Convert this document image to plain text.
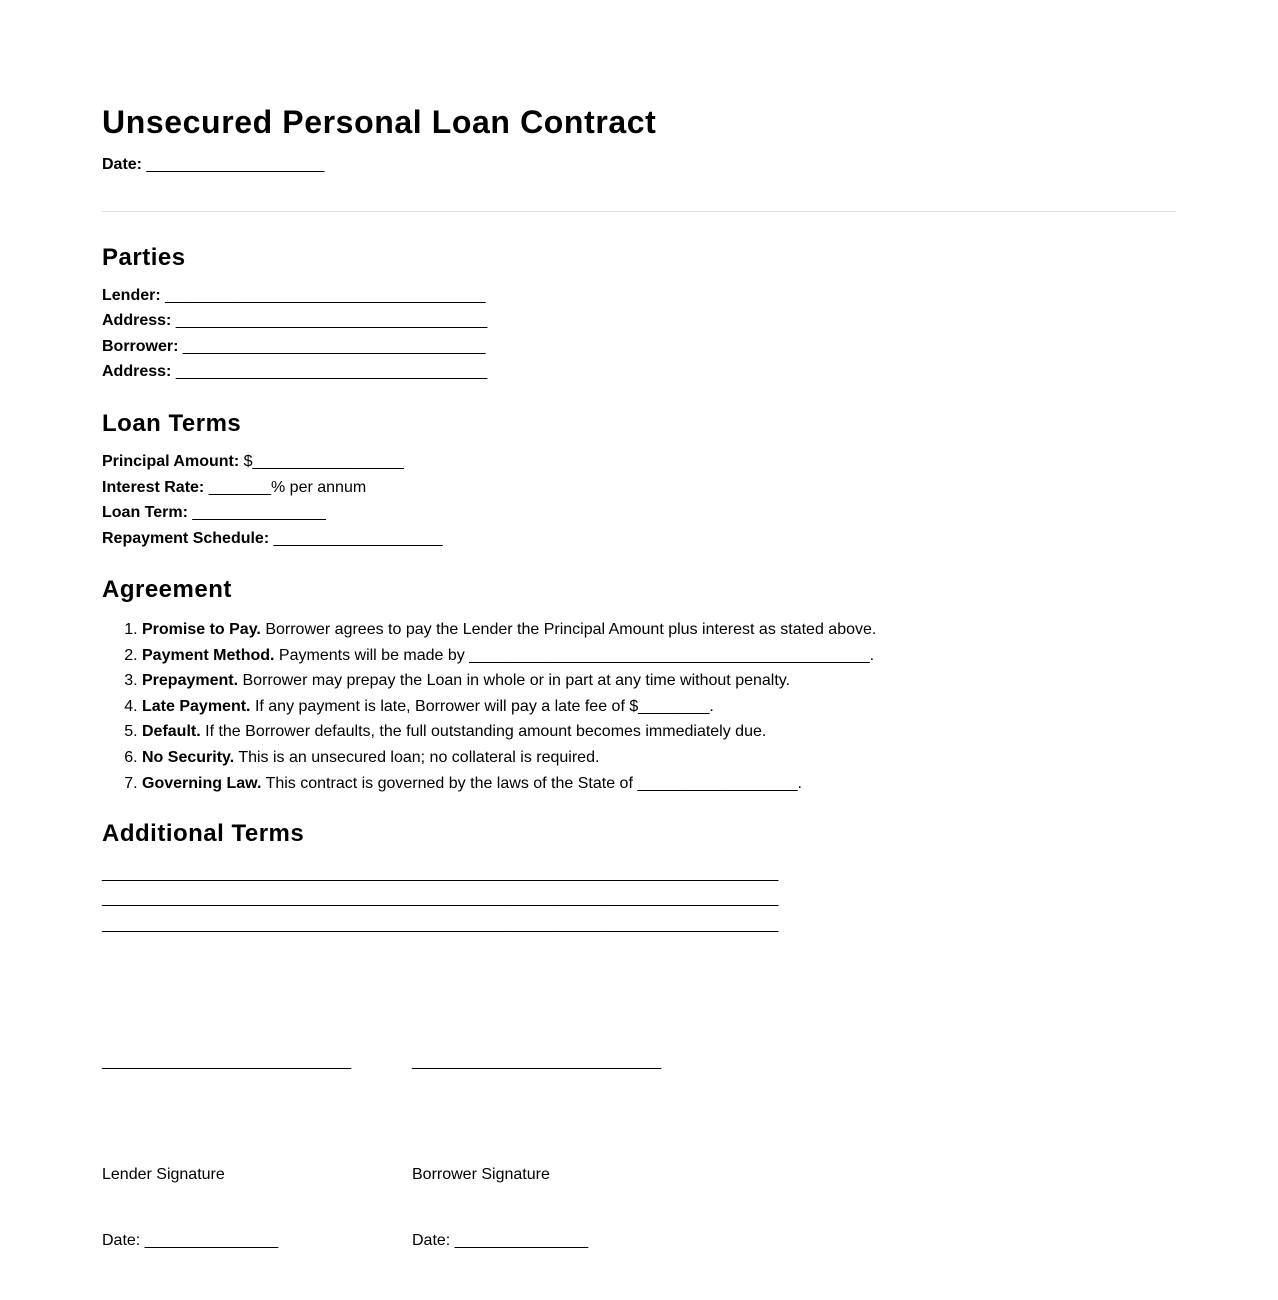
Unsecured Personal Loan Contract
Date: ____________________
Parties
Lender: ____________________________________
Address: ___________________________________
Borrower: __________________________________
Address: ___________________________________
Loan Terms
Principal Amount: $_________________
Interest Rate: _______% per annum
Loan Term: _______________
Repayment Schedule: ___________________
Agreement
1. Promise to Pay. Borrower agrees to pay the Lender the Principal Amount plus interest as stated above.
2. Payment Method. Payments will be made by _____________________________________________.
3. Prepayment. Borrower may prepay the Loan in whole or in part at any time without penalty.
4. Late Payment. If any payment is late, Borrower will pay a late fee of $________.
5. Default. If the Borrower defaults, the full outstanding amount becomes immediately due.
6. No Security. This is an unsecured loan; no collateral is required.
7. Governing Law. This contract is governed by the laws of the State of __________________.
Additional Terms
____________________________________________________________________________
____________________________________________________________________________
____________________________________________________________________________

____________________________

Lender Signature

Date: _______________

____________________________

Borrower Signature

Date: _______________
